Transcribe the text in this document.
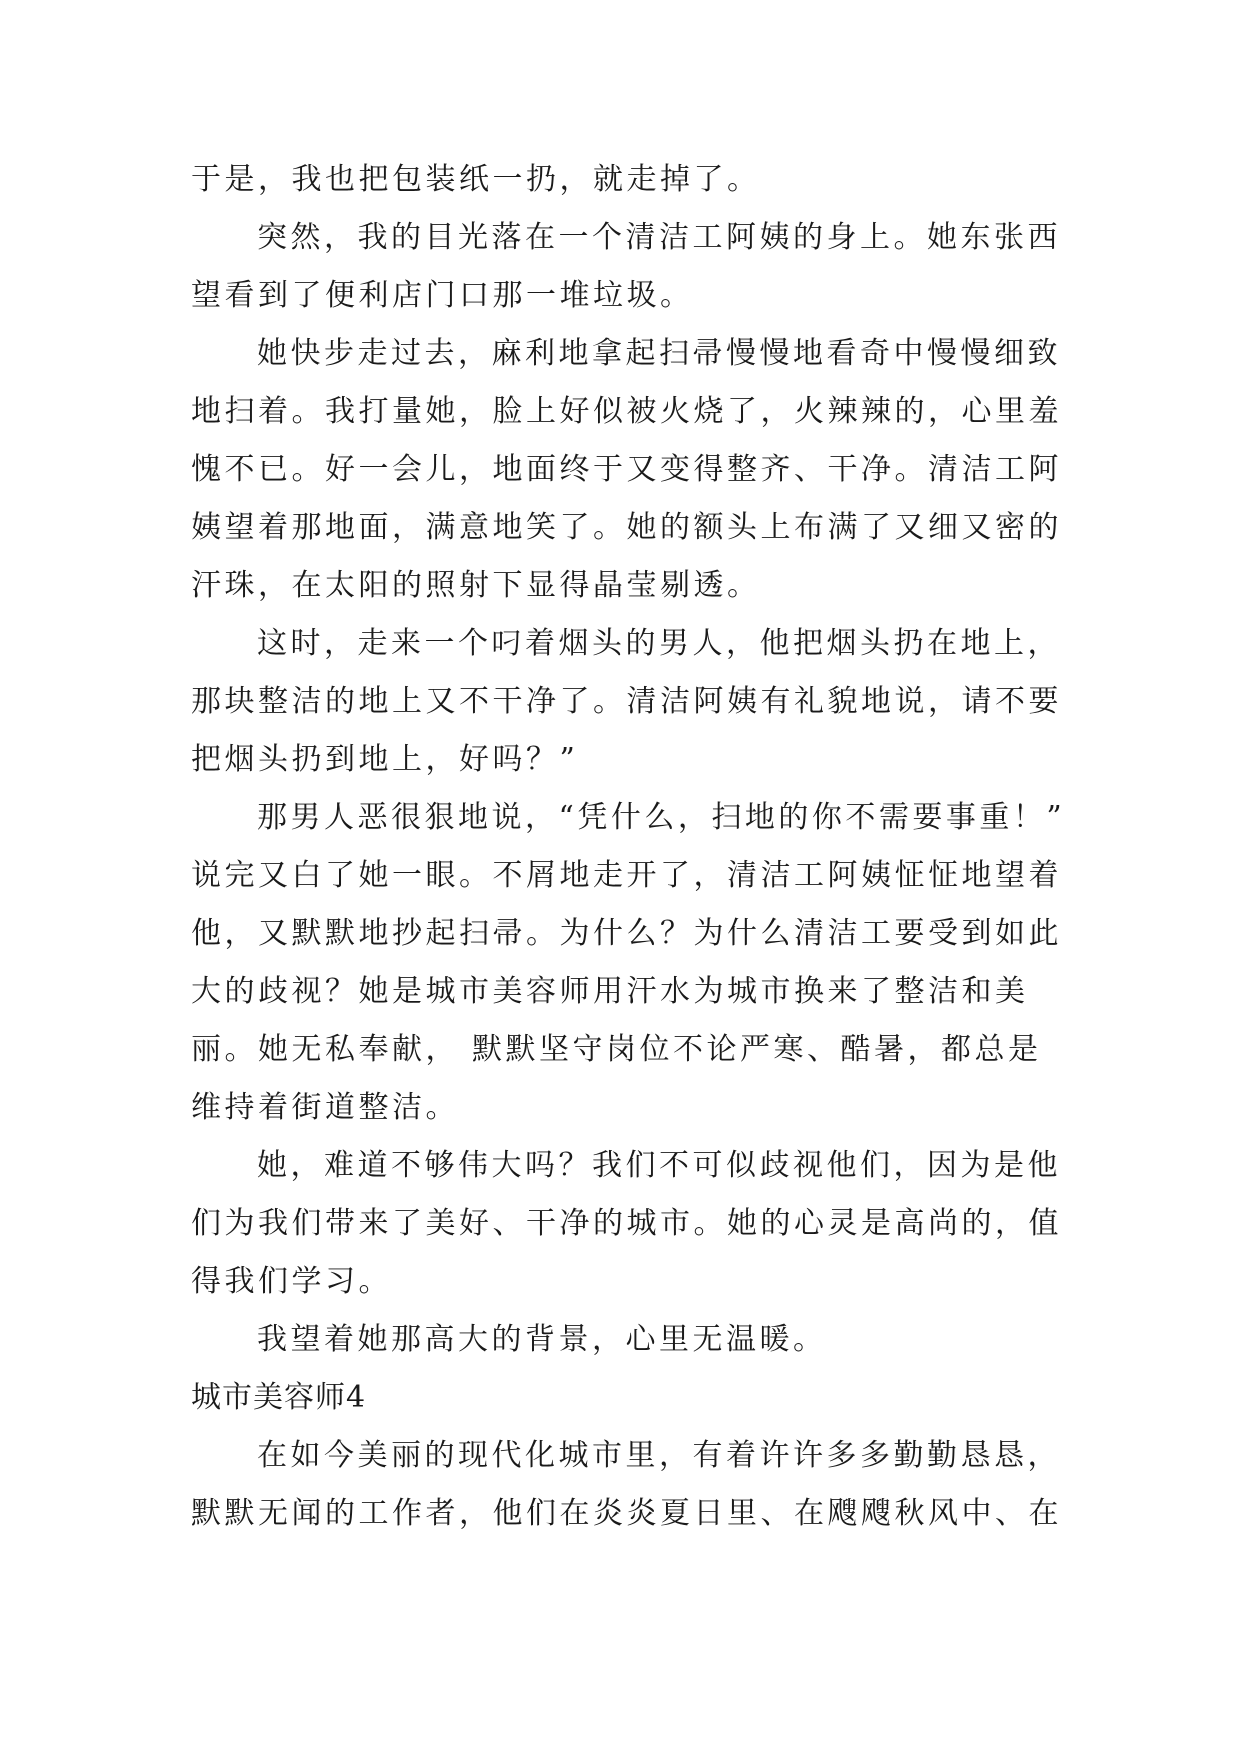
于是，我也把包装纸一扔，就走掉了。
突然，我的目光落在一个清洁工阿姨的身上。她东张西
望看到了便利店门口那一堆垃圾。
她快步走过去，麻利地拿起扫帚慢慢地看奇中慢慢细致
地扫着。我打量她，脸上好似被火烧了，火辣辣的，心里羞
愧不已。好一会儿，地面终于又变得整齐、干净。清洁工阿
姨望着那地面，满意地笑了。她的额头上布满了又细又密的
汗珠，在太阳的照射下显得晶莹剔透。
这时，走来一个叼着烟头的男人，他把烟头扔在地上，
那块整洁的地上又不干净了。清洁阿姨有礼貌地说，请不要
把烟头扔到地上，好吗？”
那男人恶很狠地说，“凭什么，扫地的你不需要事重！”
说完又白了她一眼。不屑地走开了，清洁工阿姨怔怔地望着
他，又默默地抄起扫帚。为什么？为什么清洁工要受到如此
大的歧视？她是城市美容师用汗水为城市换来了整洁和美
丽。她无私奉献， 默默坚守岗位不论严寒、酷暑，都总是
维持着街道整洁。
她，难道不够伟大吗？我们不可似歧视他们，因为是他
们为我们带来了美好、干净的城市。她的心灵是高尚的，值
得我们学习。
我望着她那高大的背景，心里无温暖。
城市美容师4
在如今美丽的现代化城市里，有着许许多多勤勤恳恳，
默默无闻的工作者，他们在炎炎夏日里、在飕飕秋风中、在
